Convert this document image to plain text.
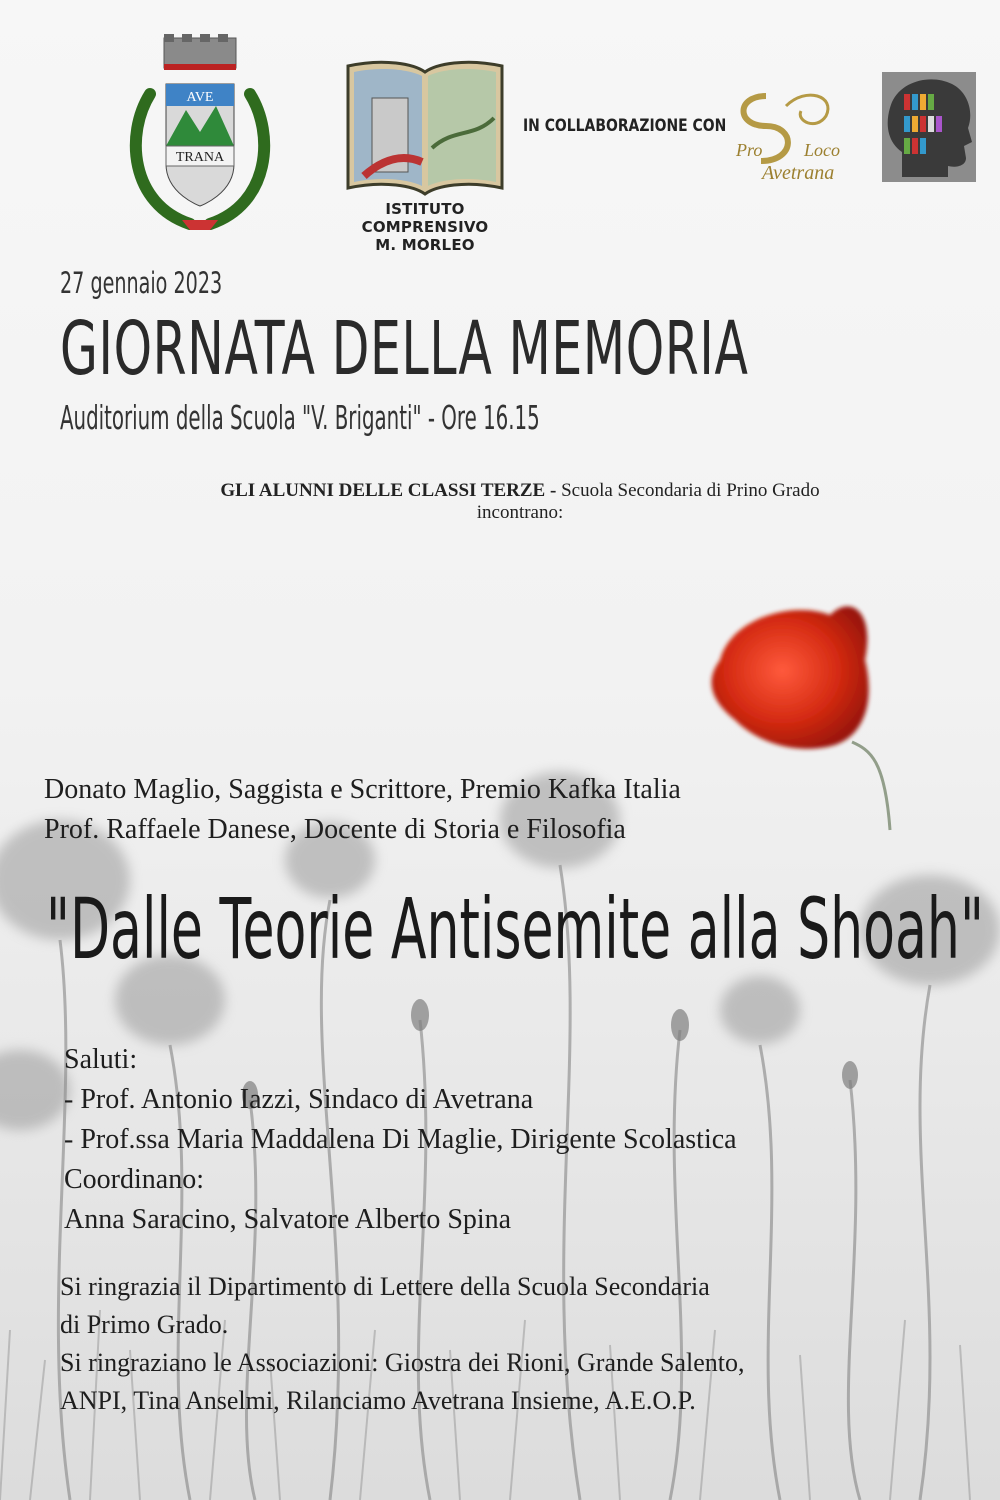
AVE
TRANA
ISTITUTO COMPRENSIVO
M. MORLEO
IN COLLABORAZIONE CON
Pro Loco
Avetrana
27 gennaio 2023
GIORNATA DELLA MEMORIA
Auditorium della Scuola "V. Briganti" - Ore 16.15
GLI ALUNNI DELLE CLASSI TERZE - Scuola Secondaria di Prino Grado
incontrano:
Donato Maglio, Saggista e Scrittore, Premio Kafka Italia
Prof. Raffaele Danese, Docente di Storia e Filosofia
"Dalle Teorie Antisemite alla Shoah"
Saluti:
- Prof. Antonio Iazzi, Sindaco di Avetrana
- Prof.ssa Maria Maddalena Di Maglie, Dirigente Scolastica
Coordinano:
Anna Saracino, Salvatore Alberto Spina
Si ringrazia il Dipartimento di Lettere della Scuola Secondaria
di Primo Grado.
Si ringraziano le Associazioni: Giostra dei Rioni, Grande Salento,
ANPI, Tina Anselmi, Rilanciamo Avetrana Insieme, A.E.O.P.
